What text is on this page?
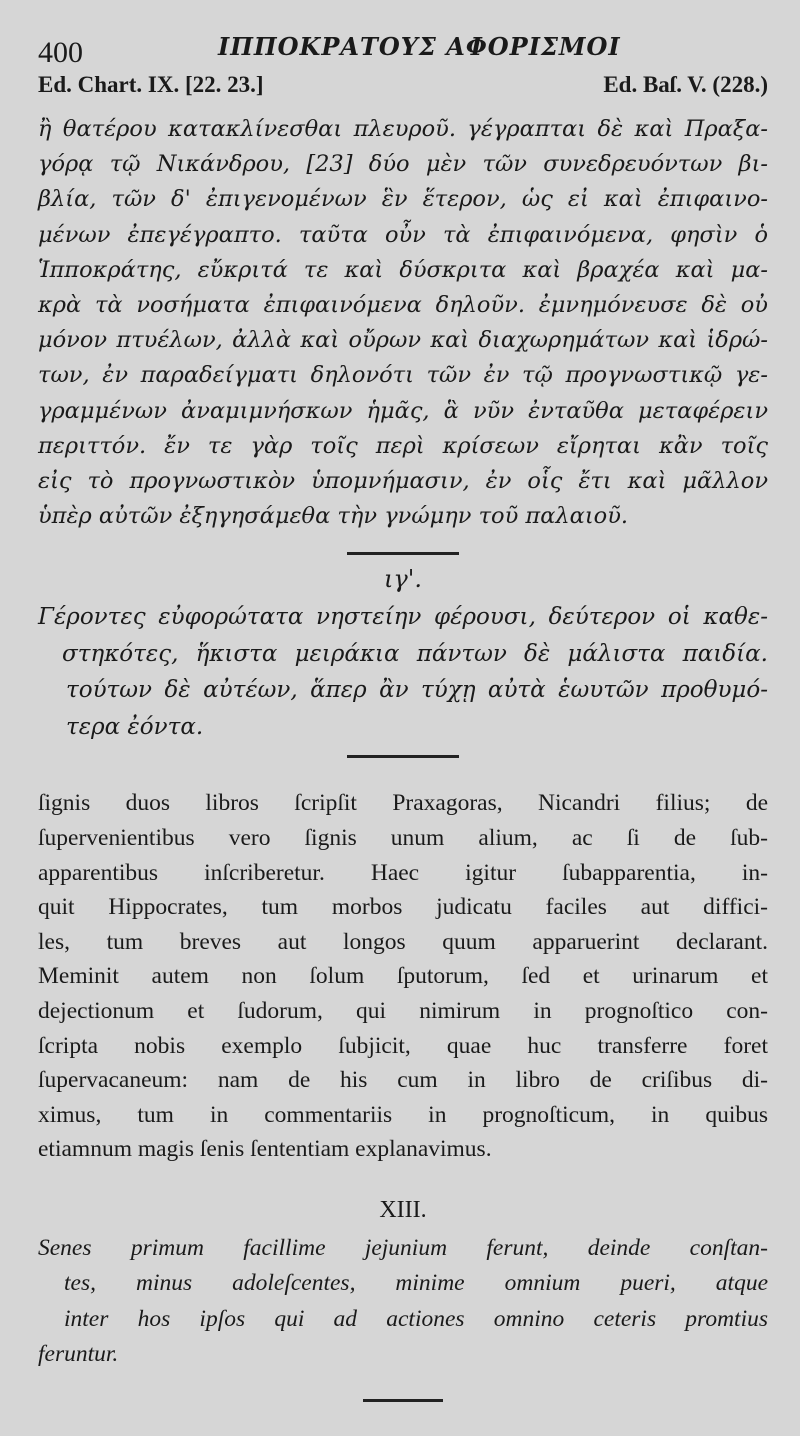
400	ΙΠΠΟΚΡΑΤΟΥΣ ΑΦΟΡΙΣΜΟΙ
Ed. Chart. IX. [22. 23.]	Ed. Baſ. V. (228.)
ἢ θατέρου κατακλίνεσθαι πλευροῦ. γέγραπται δὲ καὶ Πραξα-
γόρᾳ τῷ Νικάνδρου, [23] δύο μὲν τῶν συνεδρευόντων βι-
βλία, τῶν δ' ἐπιγενομένων ἓν ἕτερον, ὡς εἰ καὶ ἐπιφαινο-
μένων ἐπεγέγραπτο. ταῦτα οὖν τὰ ἐπιφαινόμενα, φησὶν ὁ
Ἱπποκράτης, εὔκριτά τε καὶ δύσκριτα καὶ βραχέα καὶ μα-
κρὰ τὰ νοσήματα ἐπιφαινόμενα δηλοῦν. ἐμνημόνευσε δὲ οὐ
μόνον πτυέλων, ἀλλὰ καὶ οὔρων καὶ διαχωρημάτων καὶ ἱδρώ-
των, ἐν παραδείγματι δηλονότι τῶν ἐν τῷ προγνωστικῷ γε-
γραμμένων ἀναμιμνήσκων ἡμᾶς, ἃ νῦν ἐνταῦθα μεταφέρειν
περιττόν. ἔν τε γὰρ τοῖς περὶ κρίσεων εἴρηται κἂν τοῖς
εἰς τὸ προγνωστικὸν ὑπομνήμασιν, ἐν οἷς ἔτι καὶ μᾶλλον
ὑπὲρ αὐτῶν ἐξηγησάμεθα τὴν γνώμην τοῦ παλαιοῦ.
ιγ'.
Γέροντες εὐφορώτατα νηστείην φέρουσι, δεύτερον οἱ καθε-
στηκότες, ἥκιστα μειράκια πάντων δὲ μάλιστα παιδία.
τούτων δὲ αὐτέων, ἅπερ ἂν τύχῃ αὐτὰ ἑωυτῶν προθυμό-
τερα ἐόντα.
ſignis duos libros ſcripſit Praxagoras, Nicandri filius; de
ſupervenientibus vero ſignis unum alium, ac ſi de ſub-
apparentibus inſcriberetur. Haec igitur ſubapparentia, in-
quit Hippocrates, tum morbos judicatu faciles aut diffici-
les, tum breves aut longos quum apparuerint declarant.
Meminit autem non ſolum ſputorum, ſed et urinarum et
dejectionum et ſudorum, qui nimirum in prognoſtico con-
ſcripta nobis exemplo ſubjicit, quae huc transferre foret
ſupervacaneum: nam de his cum in libro de criſibus di-
ximus, tum in commentariis in prognoſticum, in quibus
etiamnum magis ſenis ſententiam explanavimus.
XIII.
Senes primum facillime jejunium ferunt, deinde conſtan-
tes, minus adoleſcentes, minime omnium pueri, atque
inter hos ipſos qui ad actiones omnino ceteris promtius
feruntur.
